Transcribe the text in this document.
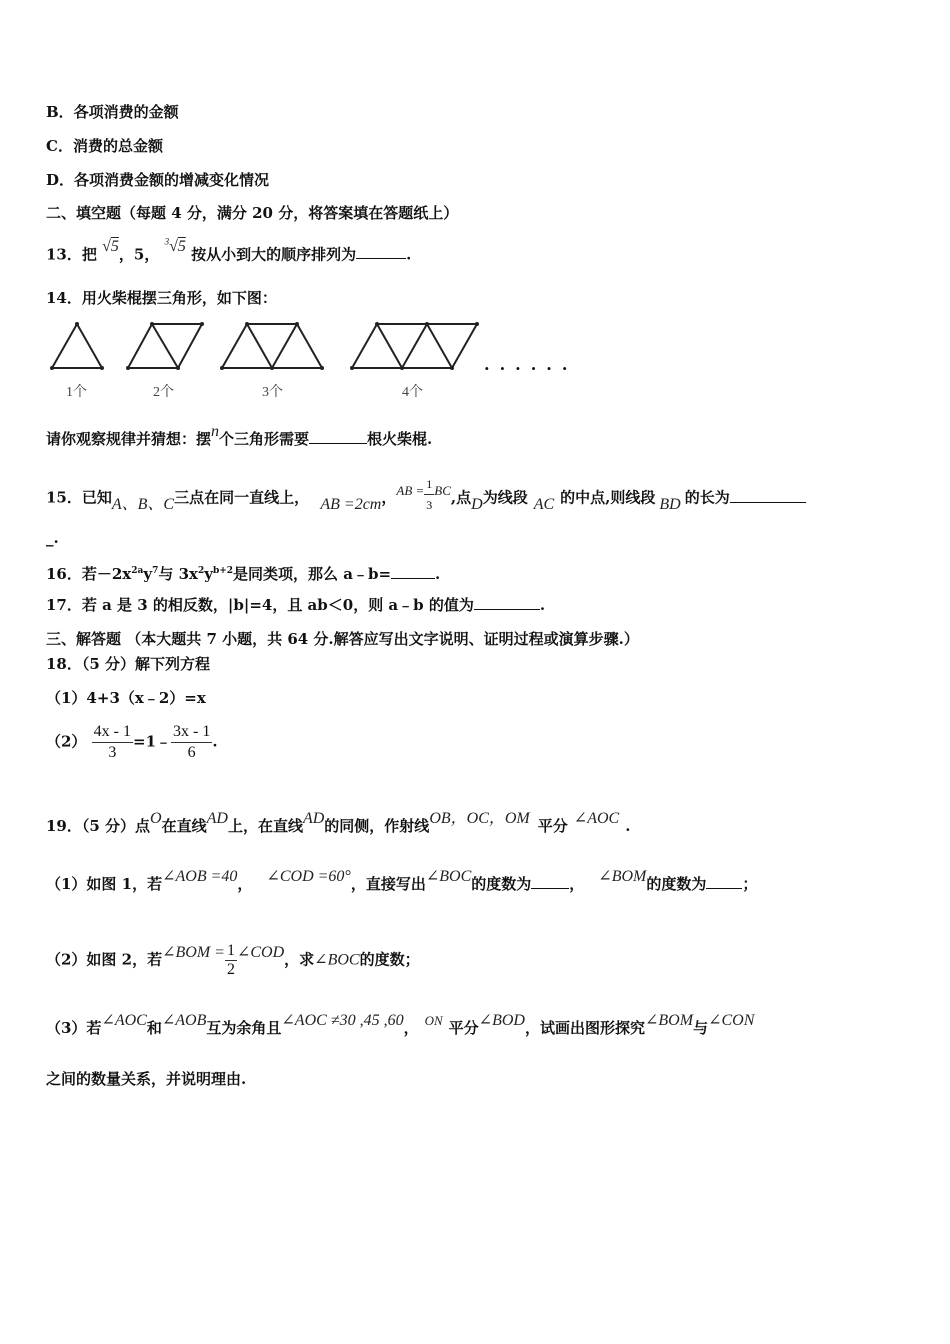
B．各项消费的金额
C．消费的总金额
D．各项消费金额的增减变化情况
二、填空题（每题 4 分，满分 20 分，将答案填在答题纸上）
13．把 √5，5， $^3$√5 按从小到大的顺序排列为	.
14．用火柴棍摆三角形，如下图：
1个	2个	3个	4个
......
请你观察规律并猜想：摆n个三角形需要	根火柴棍.
15．已知A、B、C三点在同一直线上， AB =2cm，AB = $\frac{1}{3}$ BC,点D为线段 AC 的中点,则线段 BD 的长为
_.
16．若$-2x^{2a}y^7$与 $3x^2y^{b+2}$是同类项，那么 a﹣b=	.
17．若 a 是 3 的相反数，|b|=4，且 ab＜0，则 a﹣b 的值为	.
三、解答题 （本大题共 7 小题，共 64 分.解答应写出文字说明、证明过程或演算步骤.）
18．（5 分）解下列方程
（1）4+3（x﹣2）=x
$(2) \frac{4x - 1}{3}$ =1﹣ $\frac{3x - 1}{6}$ .
19．（5 分）点O在直线AD上，在直线AD的同侧，作射线OB，OC，OM 平分 ∠AOC .
（1）如图 1，若∠AOB =40， ∠COD =60°，直接写出∠BOC的度数为	， ∠BOM的度数为 ；
（2）如图 2，若∠BOM = $\frac{1}{2}$ ∠COD，求∠BOC的度数；
（3）若∠AOC和∠AOB互为余角且∠AOC ≠30 ,45 ,60， ON 平分∠BOD，试画出图形探究∠BOM与∠CON
之间的数量关系，并说明理由.
